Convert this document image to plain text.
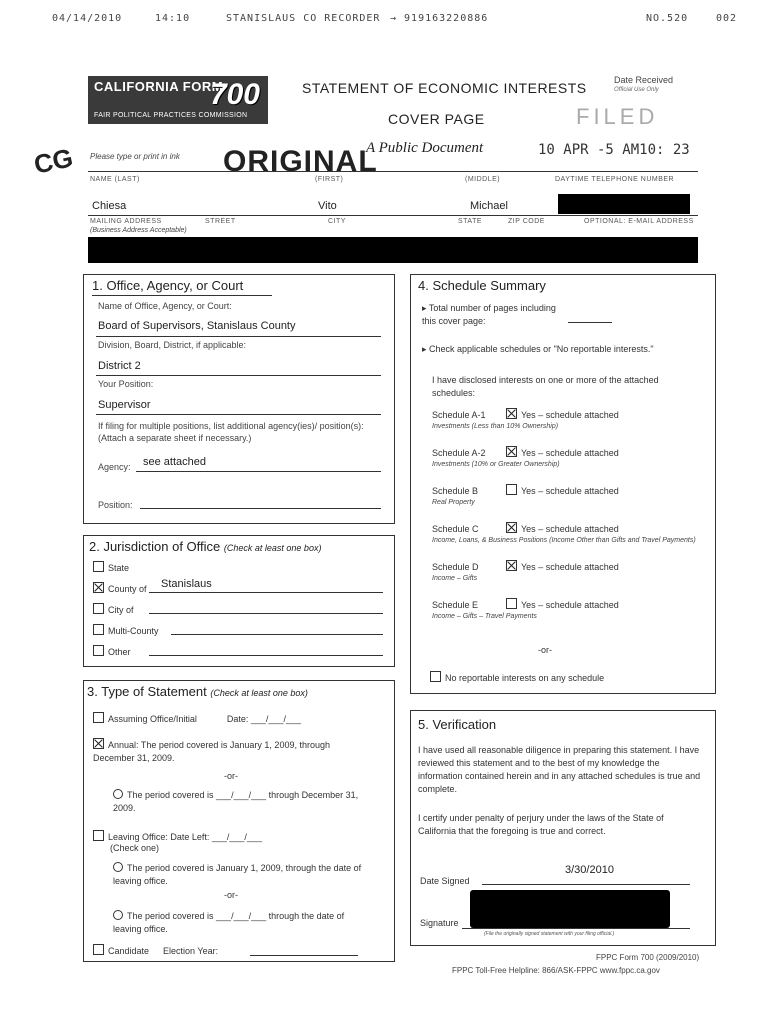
04/14/2010	14:10	STANISLAUS CO RECORDER → 919163220886	NO.520	002
CALIFORNIA FORM
700
FAIR POLITICAL PRACTICES COMMISSION
STATEMENT OF ECONOMIC INTERESTS
COVER PAGE
A Public Document
Date Received
Official Use Only
FILED
10 APR -5 AM10: 23
CG	ORIGINAL
Please type or print in ink
NAME (LAST)	(FIRST)	(MIDDLE)	DAYTIME TELEPHONE NUMBER
Chiesa	Vito	Michael
MAILING ADDRESS	STREET	CITY	STATE	ZIP CODE	OPTIONAL: E-MAIL ADDRESS
(Business Address Acceptable)
1. Office, Agency, or Court
Name of Office, Agency, or Court:
Board of Supervisors, Stanislaus County
Division, Board, District, if applicable:
District 2
Your Position:
Supervisor
If filing for multiple positions, list additional agency(ies)/ position(s): (Attach a separate sheet if necessary.)
Agency: see attached
Position:
2. Jurisdiction of Office (Check at least one box)
State
County of Stanislaus
City of
Multi-County
Other
3. Type of Statement (Check at least one box)
Assuming Office/Initial	Date: ___/___/___
Annual: The period covered is January 1, 2009, through December 31, 2009.
-or-
The period covered is ___/___/___ through December 31, 2009.
Leaving Office: Date Left: ___/___/___
(Check one)
The period covered is January 1, 2009, through the date of leaving office.
-or-
The period covered is ___/___/___ through the date of leaving office.
Candidate Election Year:
4. Schedule Summary
▸ Total number of pages including this cover page:
▸ Check applicable schedules or "No reportable interests."
I have disclosed interests on one or more of the attached schedules:
Schedule A-1	Yes – schedule attached
Investments (Less than 10% Ownership)
Schedule A-2	Yes – schedule attached
Investments (10% or Greater Ownership)
Schedule B	Yes – schedule attached
Real Property
Schedule C	Yes – schedule attached
Income, Loans, & Business Positions (Income Other than Gifts and Travel Payments)
Schedule D	Yes – schedule attached
Income – Gifts
Schedule E	Yes – schedule attached
Income – Gifts – Travel Payments
-or-
No reportable interests on any schedule
5. Verification
I have used all reasonable diligence in preparing this statement. I have reviewed this statement and to the best of my knowledge the information contained herein and in any attached schedules is true and complete.
I certify under penalty of perjury under the laws of the State of California that the foregoing is true and correct.
Date Signed
3/30/2010
Signature
(File the originally signed statement with your filing official.)
FPPC Form 700 (2009/2010)
FPPC Toll-Free Helpline: 866/ASK-FPPC www.fppc.ca.gov
